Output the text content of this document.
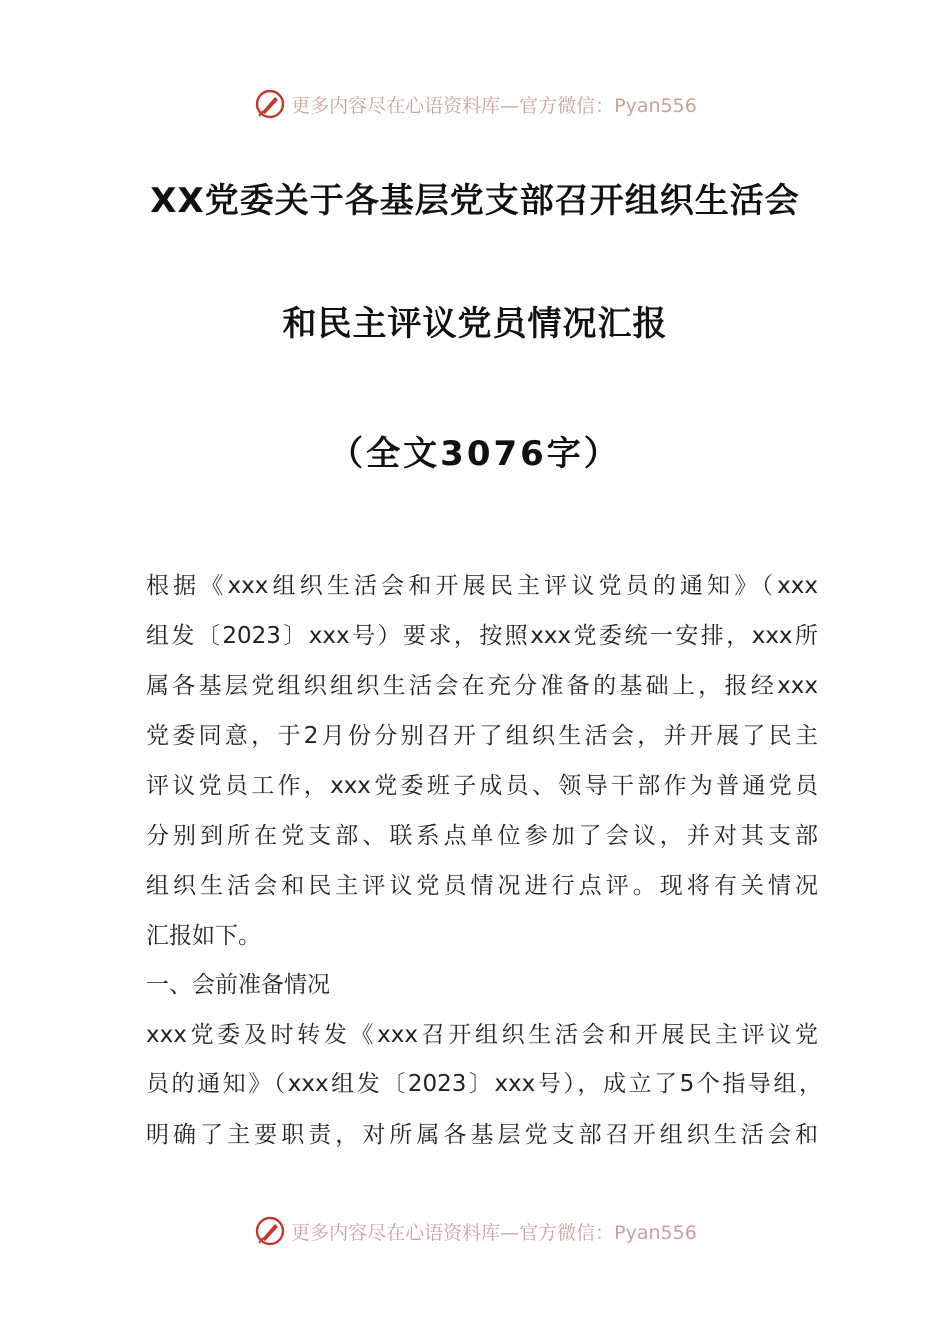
更多内容尽在心语资料库—官方微信：Pyan556
XX党委关于各基层党支部召开组织生活会
和民主评议党员情况汇报
（全文3076字）
根据《xxx组织生活会和开展民主评议党员的通知》（xxx
组发〔2023〕xxx号）要求，按照xxx党委统一安排，xxx所
属各基层党组织组织生活会在充分准备的基础上，报经xxx
党委同意，于2月份分别召开了组织生活会，并开展了民主
评议党员工作，xxx党委班子成员、领导干部作为普通党员
分别到所在党支部、联系点单位参加了会议，并对其支部
组织生活会和民主评议党员情况进行点评。现将有关情况
汇报如下。
一、会前准备情况
xxx党委及时转发《xxx召开组织生活会和开展民主评议党
员的通知》（xxx组发〔2023〕xxx号），成立了5个指导组，
明确了主要职责，对所属各基层党支部召开组织生活会和
更多内容尽在心语资料库—官方微信：Pyan556
